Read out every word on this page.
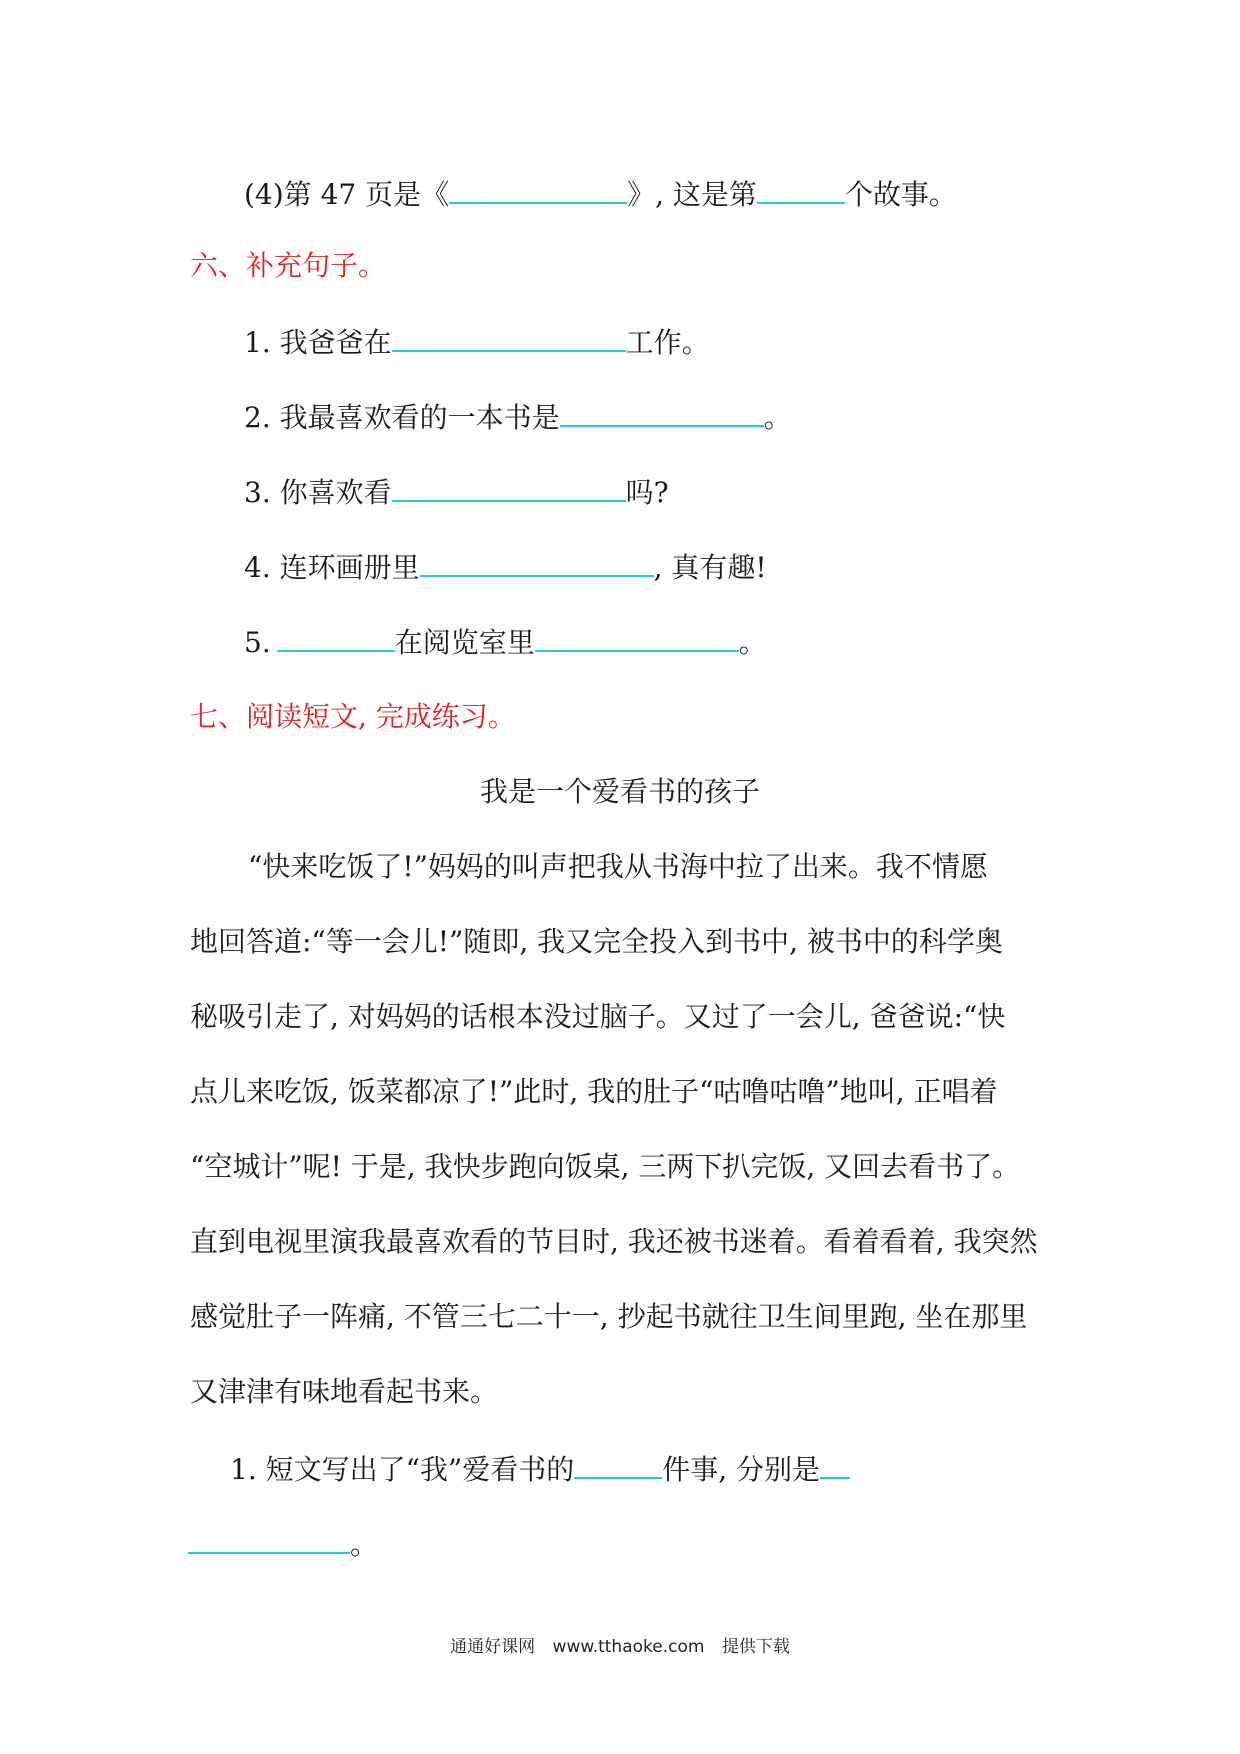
(4)第 47 页是《	》, 这是第	个故事。
六、补充句子。
1. 我爸爸在	工作。
2. 我最喜欢看的一本书是	。
3. 你喜欢看	吗?
4. 连环画册里	, 真有趣!
5.	在阅览室里	。
七、阅读短文, 完成练习。
我是一个爱看书的孩子
“快来吃饭了!”妈妈的叫声把我从书海中拉了出来。我不情愿
地回答道:“等一会儿!”随即, 我又完全投入到书中, 被书中的科学奥
秘吸引走了, 对妈妈的话根本没过脑子。又过了一会儿, 爸爸说:“快
点儿来吃饭, 饭菜都凉了!”此时, 我的肚子“咕噜咕噜”地叫, 正唱着
“空城计”呢! 于是, 我快步跑向饭桌, 三两下扒完饭, 又回去看书了。
直到电视里演我最喜欢看的节目时, 我还被书迷着。看着看着, 我突然
感觉肚子一阵痛, 不管三七二十一, 抄起书就往卫生间里跑, 坐在那里
又津津有味地看起书来。
1. 短文写出了“我”爱看书的	件事, 分别是
。
通通好课网 www.tthaoke.com 提供下载
